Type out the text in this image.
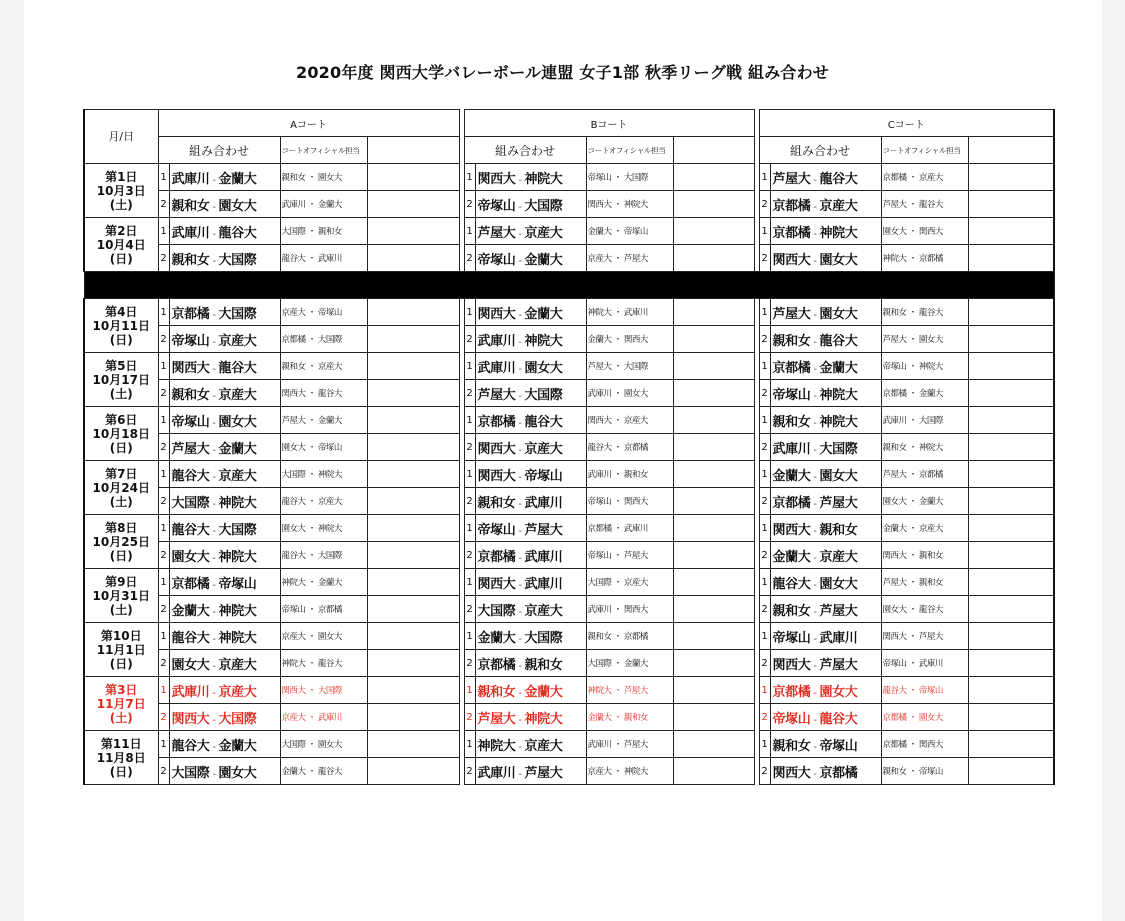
2020年度 関西大学バレーボール連盟 女子1部 秋季リーグ戦 組み合わせ
月/日	Aコート					Bコート					Cコート			
	組み合わせ		コートオフィシャル担当			組み合わせ		コートオフィシャル担当			組み合わせ		コートオフィシャル担当	

第1日
10月3日
(土)	1	武庫川 - 金蘭大	親和女 ・ 園女大			1	関西大 - 神院大	帝塚山 ・ 大国際			1	芦屋大 - 龍谷大	京都橘 ・ 京産大	
	2	親和女 - 園女大	武庫川 ・ 金蘭大			2	帝塚山 - 大国際	関西大 ・ 神院大			2	京都橘 - 京産大	芦屋大 ・ 龍谷大	

第2日
10月4日
(日)	1	武庫川 - 龍谷大	大国際 ・ 親和女			1	芦屋大 - 京産大	金蘭大 ・ 帝塚山			1	京都橘 - 神院大	園女大 ・ 関西大	
	2	親和女 - 大国際	龍谷大 ・ 武庫川			2	帝塚山 - 金蘭大	京産大 ・ 芦屋大			2	関西大 - 園女大	神院大 ・ 京都橘	

第4日
10月11日
(日)	1	京都橘 - 大国際	京産大 ・ 帝塚山			1	関西大 - 金蘭大	神院大 ・ 武庫川			1	芦屋大 - 園女大	親和女 ・ 龍谷大	
	2	帝塚山 - 京産大	京都橘 ・ 大国際			2	武庫川 - 神院大	金蘭大 ・ 関西大			2	親和女 - 龍谷大	芦屋大 ・ 園女大	

第5日
10月17日
(土)	1	関西大 - 龍谷大	親和女 ・ 京産大			1	武庫川 - 園女大	芦屋大 ・ 大国際			1	京都橘 - 金蘭大	帝塚山 ・ 神院大	
	2	親和女 - 京産大	関西大 ・ 龍谷大			2	芦屋大 - 大国際	武庫川 ・ 園女大			2	帝塚山 - 神院大	京都橘 ・ 金蘭大	

第6日
10月18日
(日)	1	帝塚山 - 園女大	芦屋大 ・ 金蘭大			1	京都橘 - 龍谷大	関西大 ・ 京産大			1	親和女 - 神院大	武庫川 ・ 大国際	
	2	芦屋大 - 金蘭大	園女大 ・ 帝塚山			2	関西大 - 京産大	龍谷大 ・ 京都橘			2	武庫川 - 大国際	親和女 ・ 神院大	

第7日
10月24日
(土)	1	龍谷大 - 京産大	大国際 ・ 神院大			1	関西大 - 帝塚山	武庫川 ・ 親和女			1	金蘭大 - 園女大	芦屋大 ・ 京都橘	
	2	大国際 - 神院大	龍谷大 ・ 京産大			2	親和女 - 武庫川	帝塚山 ・ 関西大			2	京都橘 - 芦屋大	園女大 ・ 金蘭大	

第8日
10月25日
(日)	1	龍谷大 - 大国際	園女大 ・ 神院大			1	帝塚山 - 芦屋大	京都橘 ・ 武庫川			1	関西大 - 親和女	金蘭大 ・ 京産大	
	2	園女大 - 神院大	龍谷大 ・ 大国際			2	京都橘 - 武庫川	帝塚山 ・ 芦屋大			2	金蘭大 - 京産大	関西大 ・ 親和女	

第9日
10月31日
(土)	1	京都橘 - 帝塚山	神院大 ・ 金蘭大			1	関西大 - 武庫川	大国際 ・ 京産大			1	龍谷大 - 園女大	芦屋大 ・ 親和女	
	2	金蘭大 - 神院大	帝塚山 ・ 京都橘			2	大国際 - 京産大	武庫川 ・ 関西大			2	親和女 - 芦屋大	園女大 ・ 龍谷大	

第10日
11月1日
(日)	1	龍谷大 - 神院大	京産大 ・ 園女大			1	金蘭大 - 大国際	親和女 ・ 京都橘			1	帝塚山 - 武庫川	関西大 ・ 芦屋大	
	2	園女大 - 京産大	神院大 ・ 龍谷大			2	京都橘 - 親和女	大国際 ・ 金蘭大			2	関西大 - 芦屋大	帝塚山 ・ 武庫川	

第3日
11月7日
(土)	1	武庫川 - 京産大	関西大 ・ 大国際			1	親和女 - 金蘭大	神院大 ・ 芦屋大			1	京都橘 - 園女大	龍谷大 ・ 帝塚山	
	2	関西大 - 大国際	京産大 ・ 武庫川			2	芦屋大 - 神院大	金蘭大 ・ 親和女			2	帝塚山 - 龍谷大	京都橘 ・ 園女大	

第11日
11月8日
(日)	1	龍谷大 - 金蘭大	大国際 ・ 園女大			1	神院大 - 京産大	武庫川 ・ 芦屋大			1	親和女 - 帝塚山	京都橘 ・ 関西大	
	2	大国際 - 園女大	金蘭大 ・ 龍谷大			2	武庫川 - 芦屋大	京産大 ・ 神院大			2	関西大 - 京都橘	親和女 ・ 帝塚山	
